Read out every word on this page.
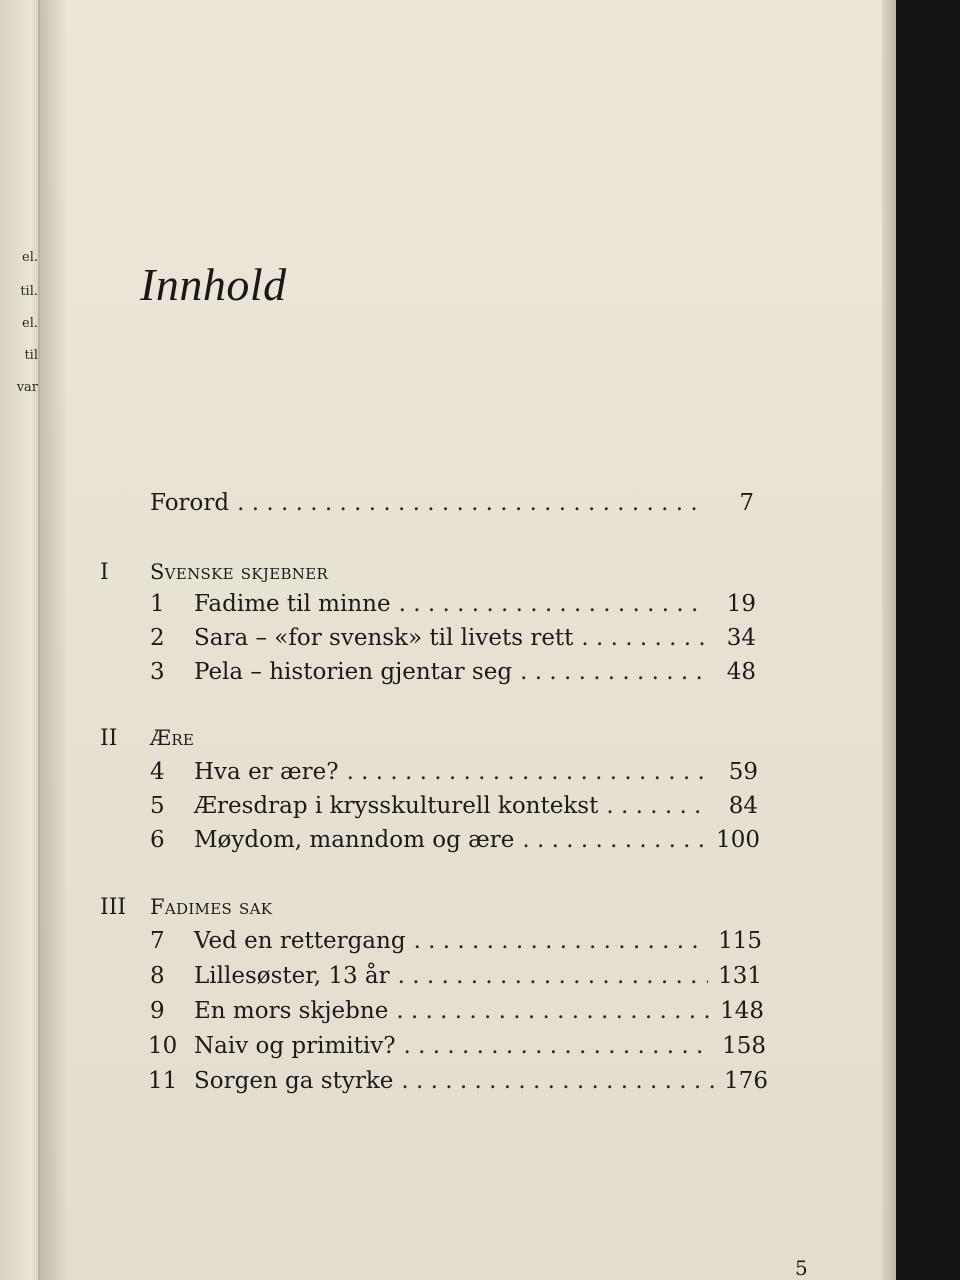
el.
til.
el.
til
var
Innhold
Forord . . .	7
I Svenske skjebner
1 Fadime til minne . . .	19
2 Sara – «for svensk» til livets rett . . .	34
3 Pela – historien gjentar seg . . .	48
II Ære
4 Hva er ære? . . .	59
5 Æresdrap i krysskulturell kontekst . . .	84
6 Møydom, manndom og ære . . .	100
III Fadimes sak
7 Ved en rettergang . . .	115
8 Lillesøster, 13 år . . .	131
9 En mors skjebne . . .	148
10 Naiv og primitiv? . . .	158
11 Sorgen ga styrke . . .	176
5
